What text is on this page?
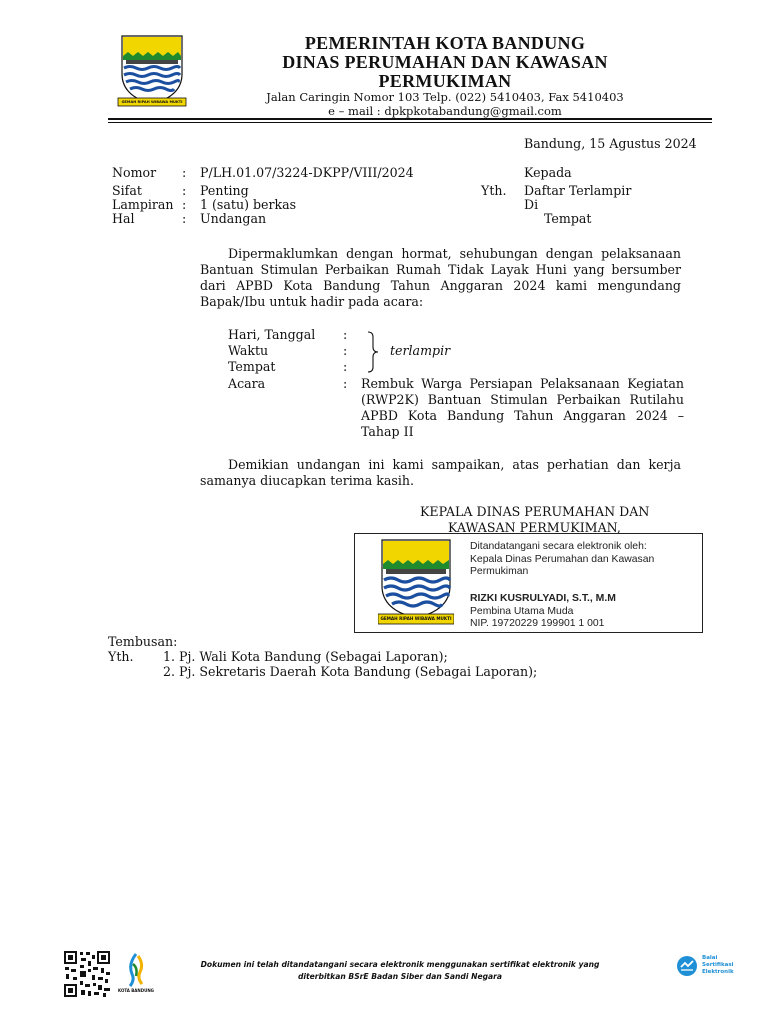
GEMAH RIPAH WIBAWA MUKTI
PEMERINTAH KOTA BANDUNG
DINAS PERUMAHAN DAN KAWASAN
PERMUKIMAN
Jalan Caringin Nomor 103 Telp. (022) 5410403, Fax 5410403
e – mail : dpkpkotabandung@gmail.com
Bandung, 15 Agustus 2024
Nomor : P/LH.01.07/3224-DKPP/VIII/2024
Sifat	: Penting
Lampiran : 1 (satu) berkas
Hal	: Undangan
Kepada
Yth. Daftar Terlampir
Di
Tempat
Dipermaklumkan dengan hormat, sehubungan dengan pelaksanaan Bantuan Stimulan Perbaikan Rumah Tidak Layak Huni yang bersumber dari APBD Kota Bandung Tahun Anggaran 2024 kami mengundang Bapak/Ibu untuk hadir pada acara:
Hari, Tanggal :
Waktu	:
Tempat	:
terlampir
Acara	: Rembuk Warga Persiapan Pelaksanaan Kegiatan (RWP2K) Bantuan Stimulan Perbaikan Rutilahu APBD Kota Bandung Tahun Anggaran 2024 – Tahap II
Demikian undangan ini kami sampaikan, atas perhatian dan kerja samanya diucapkan terima kasih.
KEPALA DINAS PERUMAHAN DAN
KAWASAN PERMUKIMAN,
GEMAH RIPAH WIBAWA MUKTI
Ditandatangani secara elektronik oleh:
Kepala Dinas Perumahan dan Kawasan
Permukiman
RIZKI KUSRULYADI, S.T., M.M
Pembina Utama Muda
NIP. 19720229 199901 1 001
Tembusan:
Yth. 1. Pj. Wali Kota Bandung (Sebagai Laporan);
2. Pj. Sekretaris Daerah Kota Bandung (Sebagai Laporan);
KOTA BANDUNG
Dokumen ini telah ditandatangani secara elektronik menggunakan sertifikat elektronik yang
diterbitkan BSrE Badan Siber dan Sandi Negara
Balai
Sertifikasi
Elektronik
